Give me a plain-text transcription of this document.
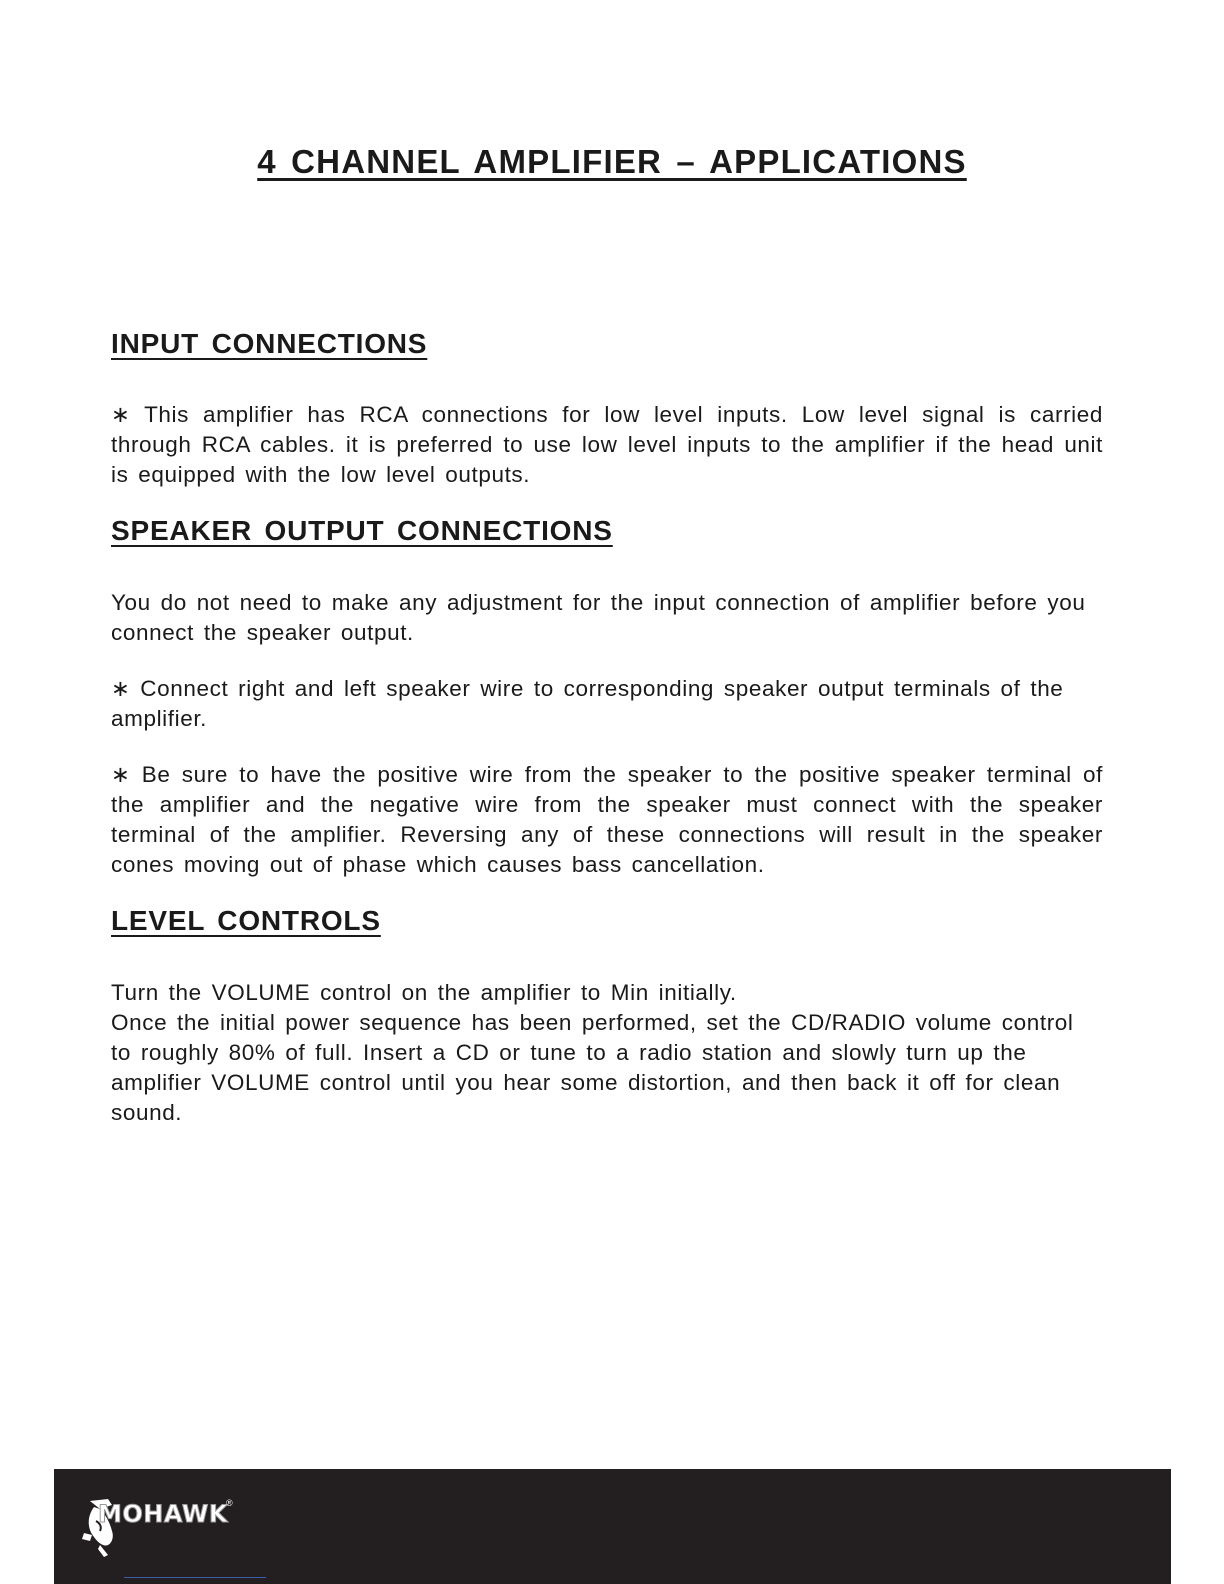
4 CHANNEL AMPLIFIER – APPLICATIONS
INPUT CONNECTIONS

∗ This amplifier has RCA connections for low level inputs. Low level signal is carried through RCA cables. it is preferred to use low level inputs to the amplifier if the head unit is equipped with the low level outputs.

SPEAKER OUTPUT CONNECTIONS

You do not need to make any adjustment for the input connection of amplifier before you connect the speaker output.

∗ Connect right and left speaker wire to corresponding speaker output terminals of the amplifier.

∗ Be sure to have the positive wire from the speaker to the positive speaker terminal of the amplifier and the negative wire from the speaker must connect with the speaker terminal of the amplifier. Reversing any of these connections will result in the speaker cones moving out of phase which causes bass cancellation.

LEVEL CONTROLS

Turn the VOLUME control on the amplifier to Min initially.

Once the initial power sequence has been performed, set the CD/RADIO volume control to roughly 80% of full. Insert a CD or tune to a radio station and slowly turn up the amplifier VOLUME control until you hear some distortion, and then back it off for clean sound.

MOHAWK
®
